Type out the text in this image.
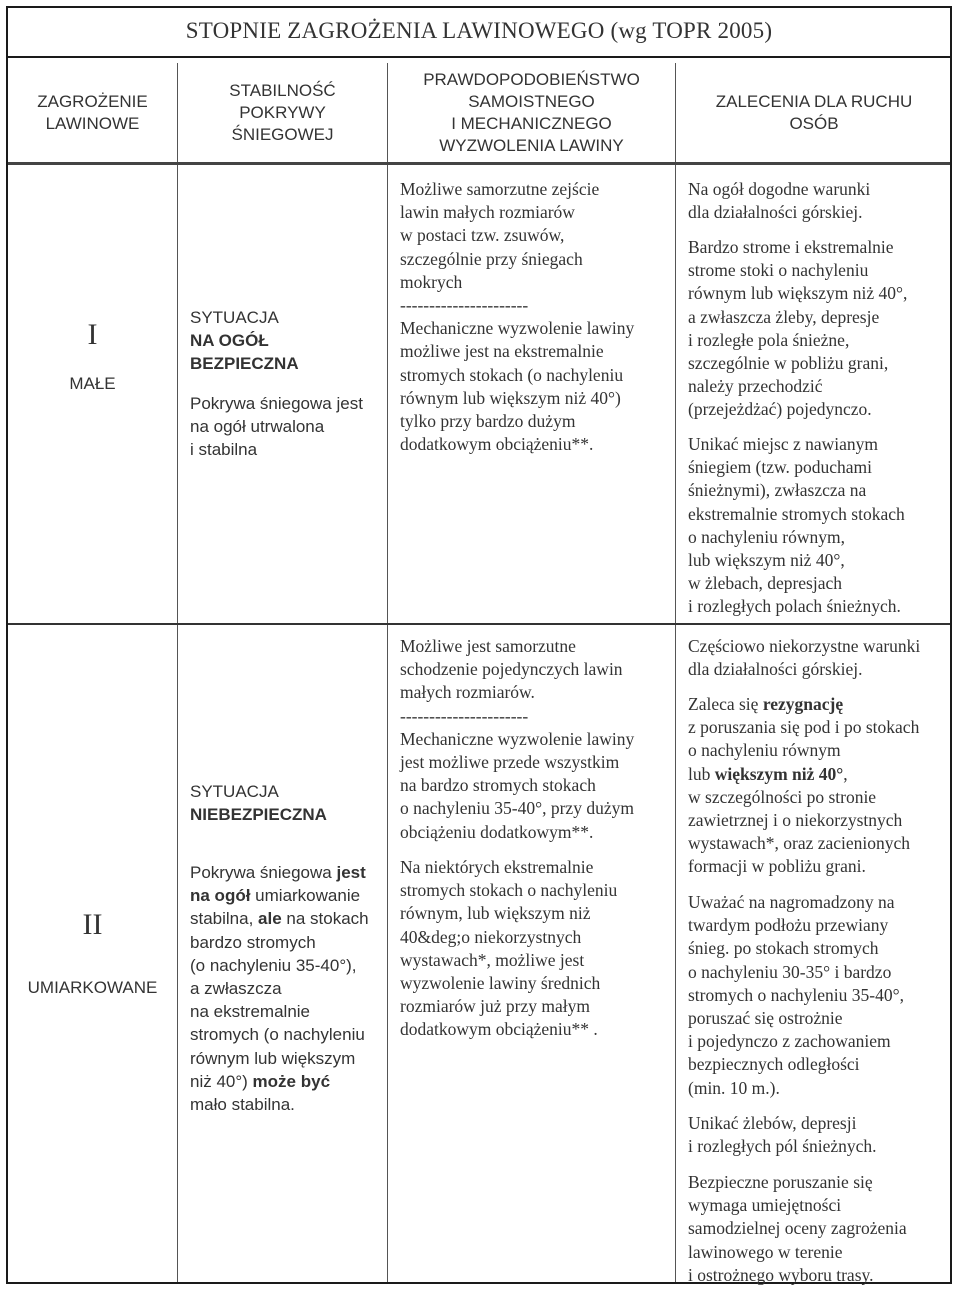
STOPNIE ZAGROŻENIA LAWINOWEGO (wg TOPR 2005)
ZAGROŻENIE
LAWINOWE
STABILNOŚĆ
POKRYWY
ŚNIEGOWEJ
PRAWDOPODOBIEŃSTWO
SAMOISTNEGO
I MECHANICZNEGO
WYZWOLENIA LAWINY
ZALECENIA DLA RUCHU
OSÓB
I
MAŁE
SYTUACJA
NA OGÓŁ
BEZPIECZNA
Pokrywa śniegowa jest
na ogół utrwalona
i stabilna
Możliwe samorzutne zejście
lawin małych rozmiarów
w postaci tzw. zsuwów,
szczególnie przy śniegach
mokrych
----------------------
Mechaniczne wyzwolenie lawiny
możliwe jest na ekstremalnie
stromych stokach (o nachyleniu
równym lub większym niż 40°)
tylko przy bardzo dużym
dodatkowym obciążeniu**.
Na ogół dogodne warunki
dla działalności górskiej.
Bardzo strome i ekstremalnie
strome stoki o nachyleniu
równym lub większym niż 40°,
a zwłaszcza żleby, depresje
i rozległe pola śnieżne,
szczególnie w pobliżu grani,
należy przechodzić
(przejeżdżać) pojedynczo.
Unikać miejsc z nawianym
śniegiem (tzw. poduchami
śnieżnymi), zwłaszcza na
ekstremalnie stromych stokach
o nachyleniu równym,
lub większym niż 40°,
w żlebach, depresjach
i rozległych polach śnieżnych.
II
UMIARKOWANE
SYTUACJA
NIEBEZPIECZNA
Pokrywa śniegowa jest
na ogół umiarkowanie
stabilna, ale na stokach
bardzo stromych
(o nachyleniu 35-40°),
a zwłaszcza
na ekstremalnie
stromych (o nachyleniu
równym lub większym
niż 40°) może być
mało stabilna.
Możliwe jest samorzutne
schodzenie pojedynczych lawin
małych rozmiarów.
----------------------
Mechaniczne wyzwolenie lawiny
jest możliwe przede wszystkim
na bardzo stromych stokach
o nachyleniu 35-40°, przy dużym
obciążeniu dodatkowym**.
Na niektórych ekstremalnie
stromych stokach o nachyleniu
równym, lub większym niż
40&deg;o niekorzystnych
wystawach*, możliwe jest
wyzwolenie lawiny średnich
rozmiarów już przy małym
dodatkowym obciążeniu** .
Częściowo niekorzystne warunki
dla działalności górskiej.
Zaleca się rezygnację
z poruszania się pod i po stokach
o nachyleniu równym
lub większym niż 40°,
w szczególności po stronie
zawietrznej i o niekorzystnych
wystawach*, oraz zacienionych
formacji w pobliżu grani.
Uważać na nagromadzony na
twardym podłożu przewiany
śnieg. po stokach stromych
o nachyleniu 30-35° i bardzo
stromych o nachyleniu 35-40°,
poruszać się ostrożnie
i pojedynczo z zachowaniem
bezpiecznych odległości
(min. 10 m.).
Unikać żlebów, depresji
i rozległych pól śnieżnych.
Bezpieczne poruszanie się
wymaga umiejętności
samodzielnej oceny zagrożenia
lawinowego w terenie
i ostrożnego wyboru trasy.
